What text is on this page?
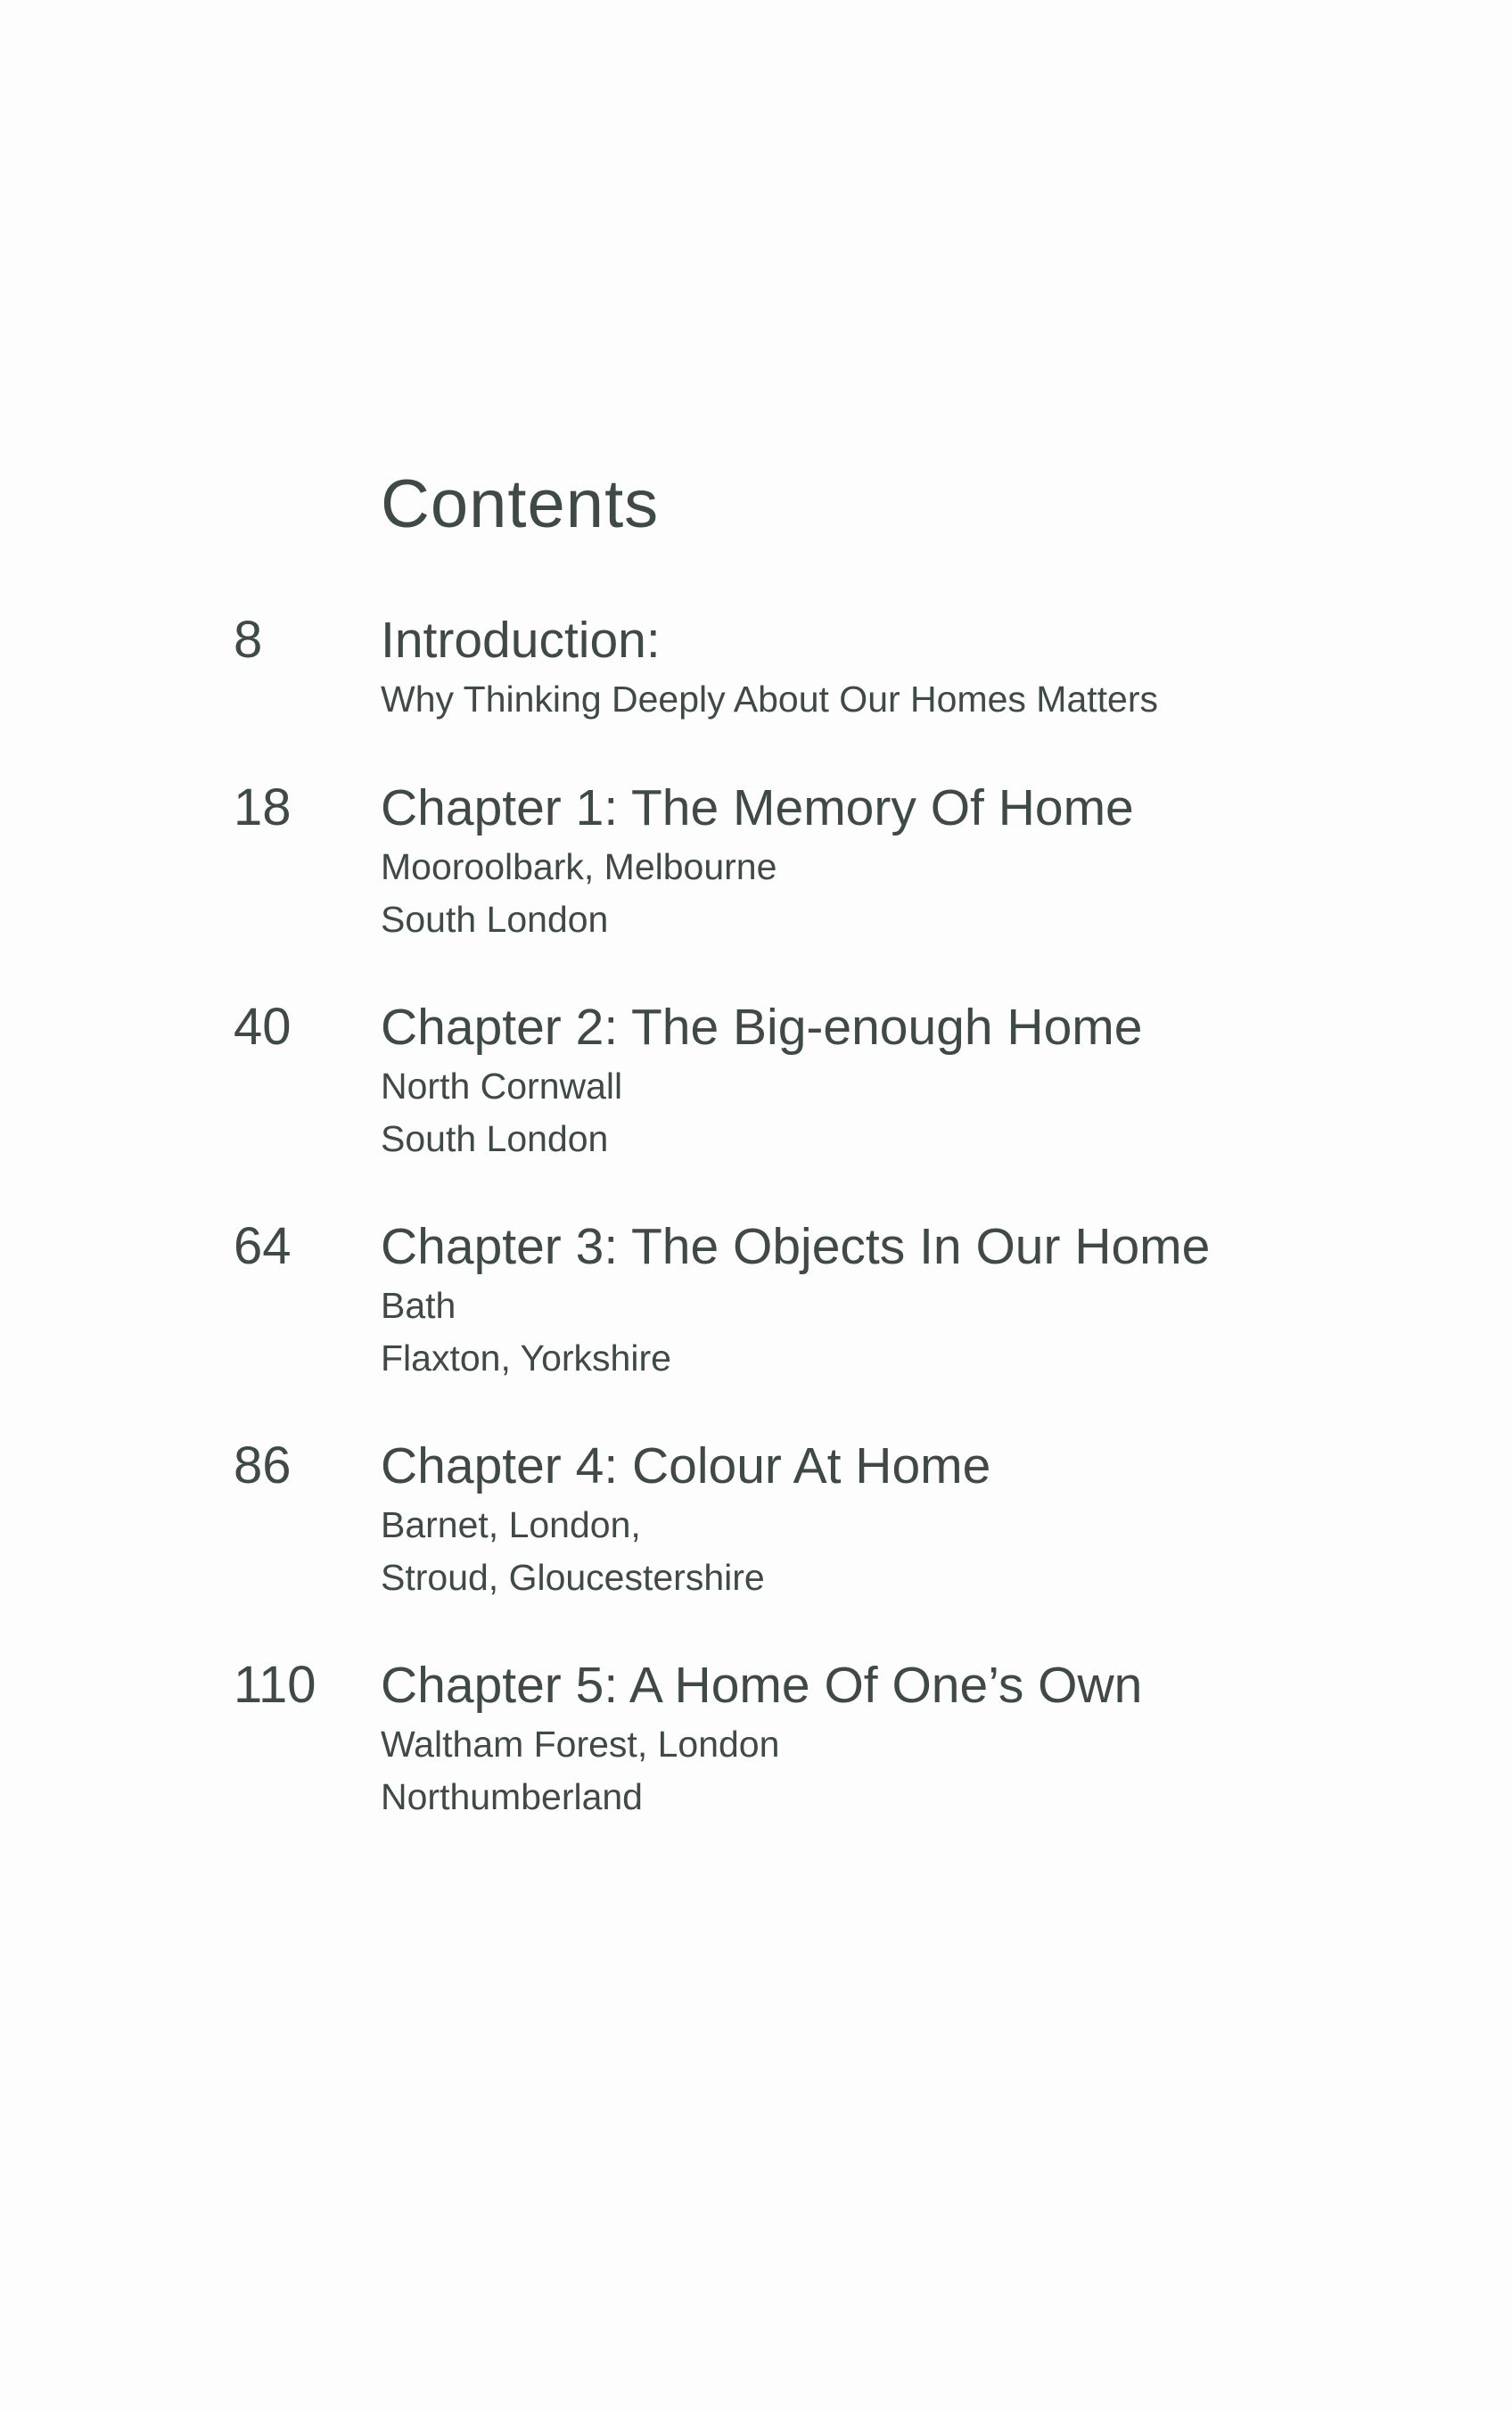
Contents
8 Introduction:
Why Thinking Deeply About Our Homes Matters
18 Chapter 1: The Memory Of Home
Mooroolbark, Melbourne
South London
40 Chapter 2: The Big-enough Home
North Cornwall
South London
64 Chapter 3: The Objects In Our Home
Bath
Flaxton, Yorkshire
86 Chapter 4: Colour At Home
Barnet, London,
Stroud, Gloucestershire
110 Chapter 5: A Home Of One’s Own
Waltham Forest, London
Northumberland
